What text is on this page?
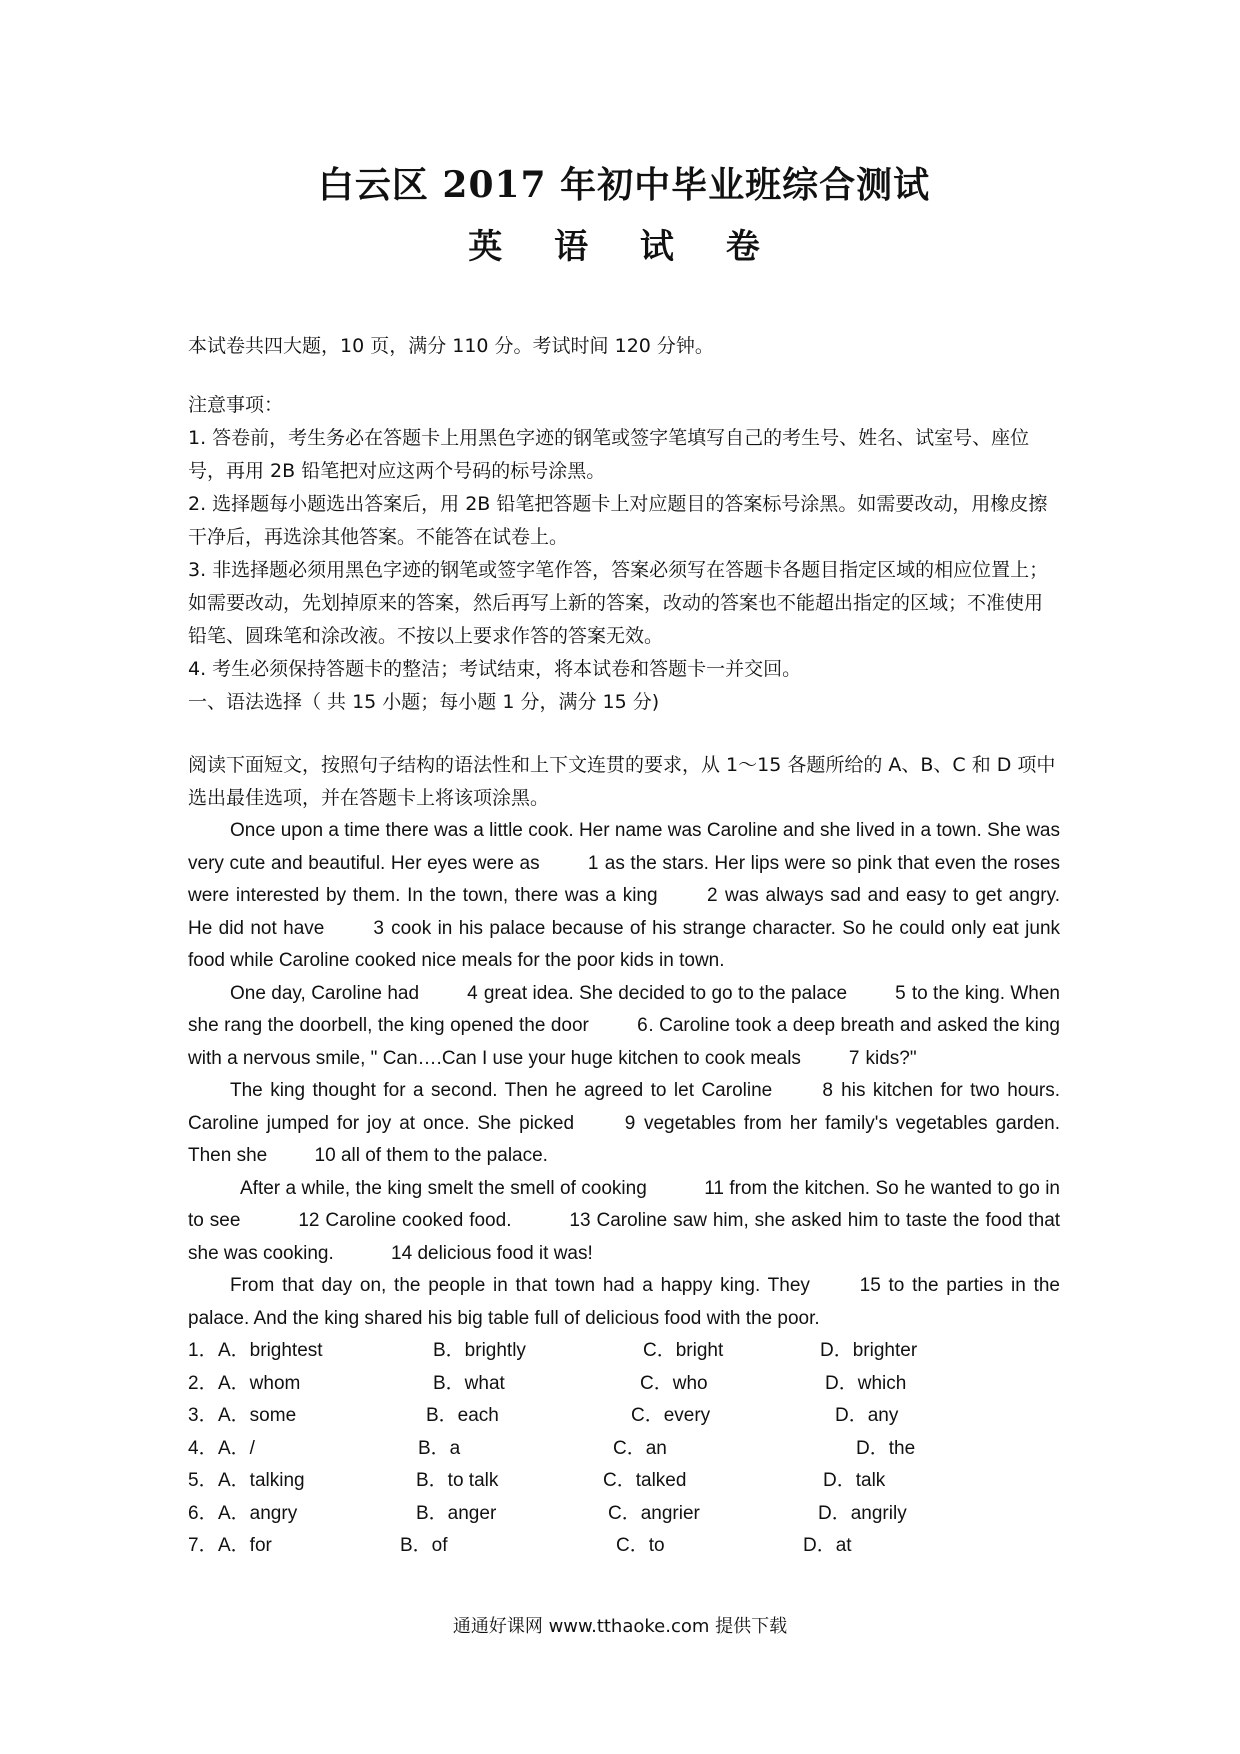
白云区 2017 年初中毕业班综合测试
英 语 试 卷

本试卷共四大题，10 页，满分 110 分。考试时间 120 分钟。

注意事项：

1. 答卷前，考生务必在答题卡上用黑色字迹的钢笔或签字笔填写自己的考生号、姓名、试室号、座位号，再用 2B 铅笔把对应这两个号码的标号涂黑。

2. 选择题每小题选出答案后，用 2B 铅笔把答题卡上对应题目的答案标号涂黑。如需要改动，用橡皮擦干净后，再选涂其他答案。不能答在试卷上。

3. 非选择题必须用黑色字迹的钢笔或签字笔作答，答案必须写在答题卡各题目指定区域的相应位置上；如需要改动，先划掉原来的答案，然后再写上新的答案，改动的答案也不能超出指定的区域；不准使用铅笔、圆珠笔和涂改液。不按以上要求作答的答案无效。

4. 考生必须保持答题卡的整洁；考试结束，将本试卷和答题卡一并交回。

一、语法选择（ 共 15 小题；每小题 1 分，满分 15 分)

阅读下面短文，按照句子结构的语法性和上下文连贯的要求，从 1～15 各题所给的 A、B、C 和 D 项中选出最佳选项，并在答题卡上将该项涂黑。

Once upon a time there was a little cook. Her name was Caroline and she lived in a town. She was very cute and beautiful. Her eyes were as	1 as the stars. Her lips were so pink that even the roses were interested by them. In the town, there was a king	2 was always sad and easy to get angry. He did not have	3 cook in his palace because of his strange character. So he could only eat junk food while Caroline cooked nice meals for the poor kids in town.

One day, Caroline had	4 great idea. She decided to go to the palace	5 to the king. When she rang the doorbell, the king opened the door	6. Caroline took a deep breath and asked the king with a nervous smile, " Can….Can I use your huge kitchen to cook meals	7 kids?"

The king thought for a second. Then he agreed to let Caroline	8 his kitchen for two hours. Caroline jumped for joy at once. She picked	9 vegetables from her family's vegetables garden. Then she 10 all of them to the palace.

After a while, the king smelt the smell of cooking	11 from the kitchen. So he wanted to go in to see	12 Caroline cooked food.	13 Caroline saw him, she asked him to taste the food that she was cooking.	14 delicious food it was!

From that day on, the people in that town had a happy king. They	15 to the parties in the palace. And the king shared his big table full of delicious food with the poor.

1． A．brightest	B．brightly	C．bright	D．brighter
2． A．whom	B．what	C．who	D．which
3． A．some	B．each	C．every	D．any
4． A．/	B．a	C．an	D．the
5． A．talking	B．to talk	C．talked	D．talk
6． A．angry	B．anger	C．angrier	D．angrily
7． A．for	B．of	C．to	D．at
通通好课网 www.tthaoke.com 提供下载
